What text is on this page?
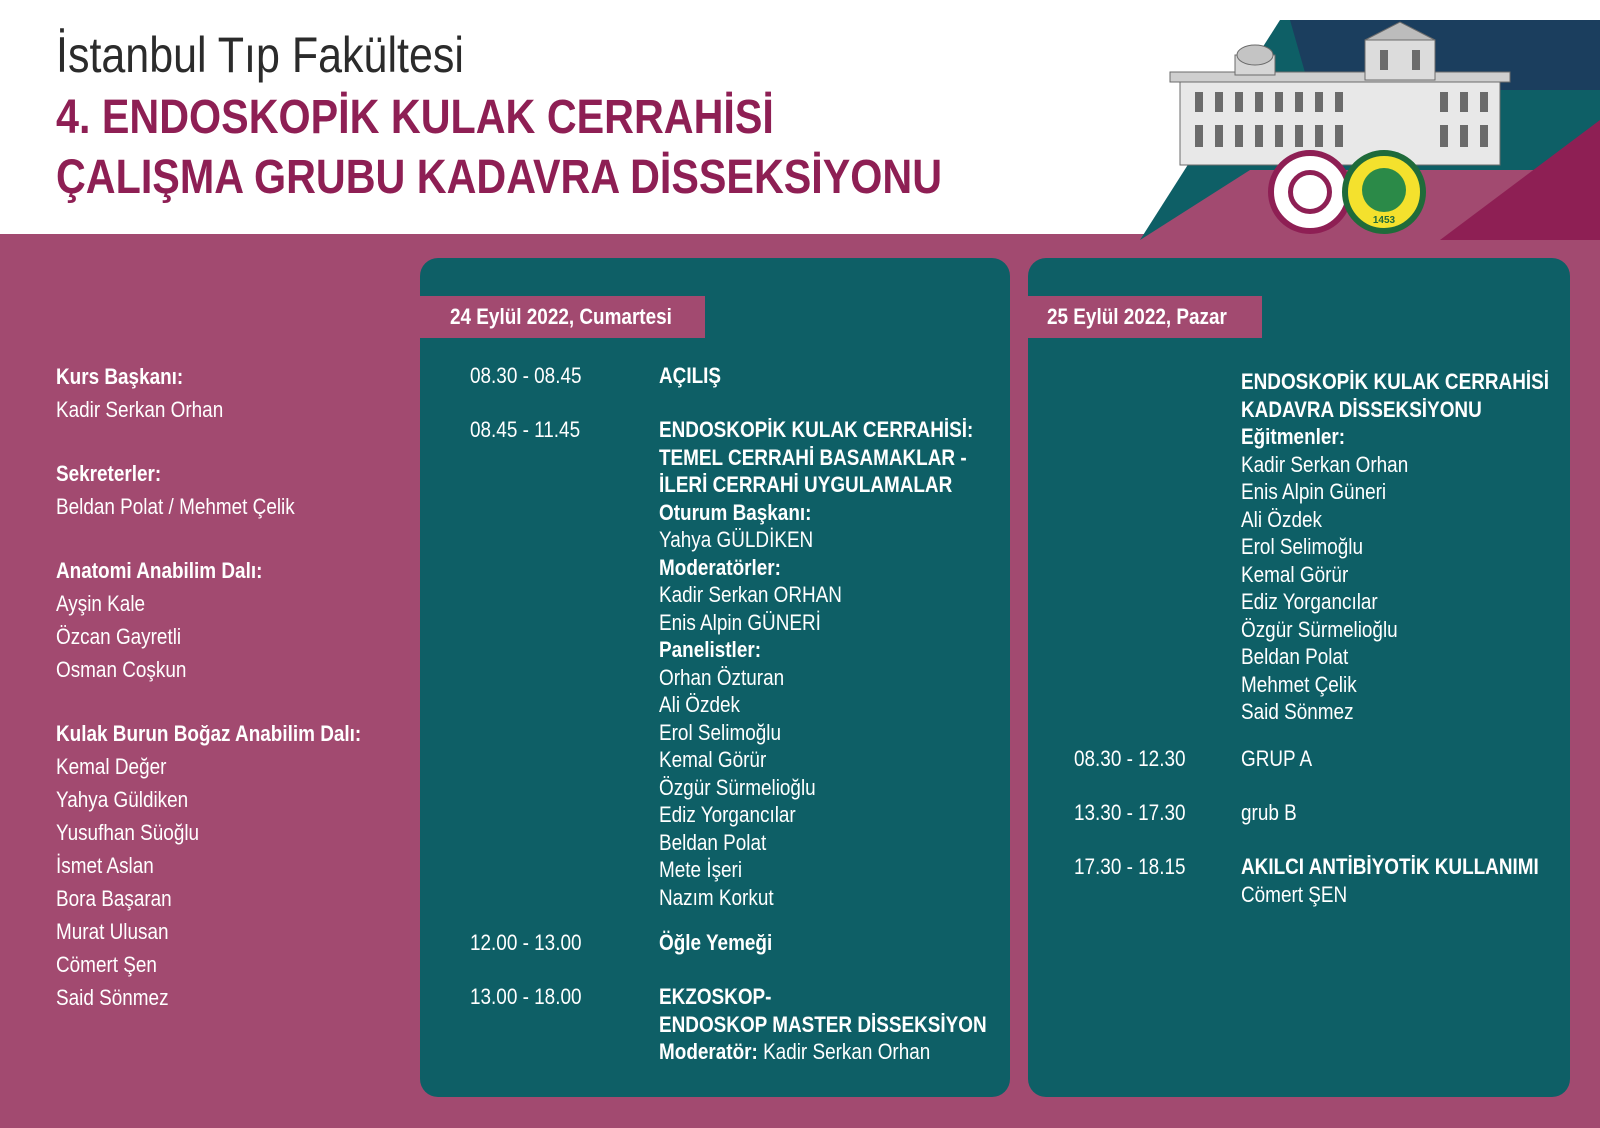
İstanbul Tıp Fakültesi
4. ENDOSKOPİK KULAK CERRAHİSİ
ÇALIŞMA GRUBU KADAVRA DİSSEKSİYONU
1453
Kurs Başkanı:
Kadir Serkan Orhan
Sekreterler:
Beldan Polat / Mehmet Çelik
Anatomi Anabilim Dalı:
Ayşin Kale
Özcan Gayretli
Osman Coşkun
Kulak Burun Boğaz Anabilim Dalı:
Kemal Değer
Yahya Güldiken
Yusufhan Süoğlu
İsmet Aslan
Bora Başaran
Murat Ulusan
Cömert Şen
Said Sönmez
24 Eylül 2022, Cumartesi
08.30 - 08.45	AÇILIŞ
08.45 - 11.45	ENDOSKOPİK KULAK CERRAHİSİ:
TEMEL CERRAHİ BASAMAKLAR -
İLERİ CERRAHİ UYGULAMALAR
Oturum Başkanı:
Yahya GÜLDİKEN
Moderatörler:
Kadir Serkan ORHAN
Enis Alpin GÜNERİ
Panelistler:
Orhan Özturan
Ali Özdek
Erol Selimoğlu
Kemal Görür
Özgür Sürmelioğlu
Ediz Yorgancılar
Beldan Polat
Mete İşeri
Nazım Korkut
12.00 - 13.00	Öğle Yemeği
13.00 - 18.00	EKZOSKOP-
ENDOSKOP MASTER DİSSEKSİYON
Moderatör: Kadir Serkan Orhan
25 Eylül 2022, Pazar
ENDOSKOPİK KULAK CERRAHİSİ
KADAVRA DİSSEKSİYONU
Eğitmenler:
Kadir Serkan Orhan
Enis Alpin Güneri
Ali Özdek
Erol Selimoğlu
Kemal Görür
Ediz Yorgancılar
Özgür Sürmelioğlu
Beldan Polat
Mehmet Çelik
Said Sönmez
08.30 - 12.30	GRUP A
13.30 - 17.30	grub B
17.30 - 18.15	AKILCI ANTİBİYOTİK KULLANIMI
Cömert ŞEN
